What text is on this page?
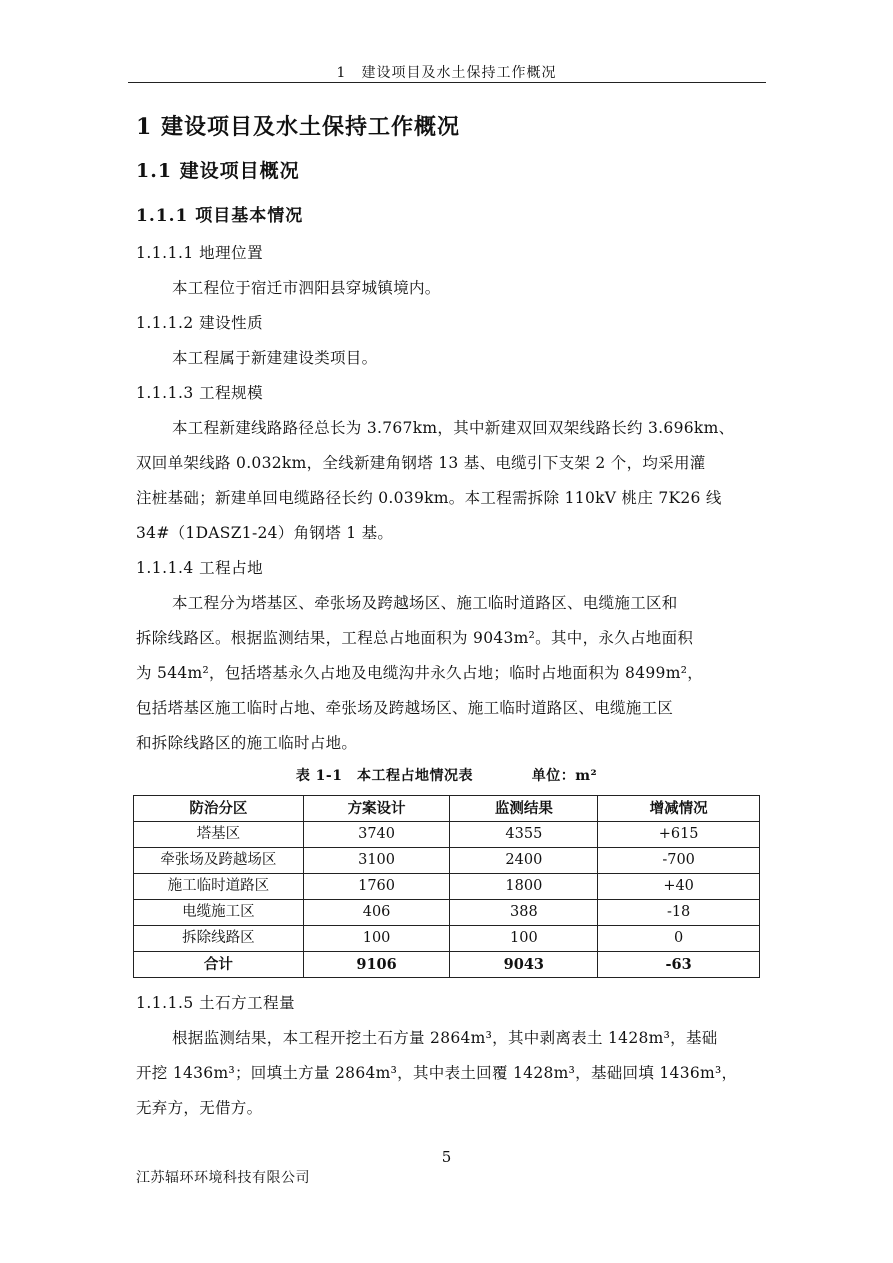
1　建设项目及水土保持工作概况
1 建设项目及水土保持工作概况
1.1 建设项目概况
1.1.1 项目基本情况
1.1.1.1 地理位置
本工程位于宿迁市泗阳县穿城镇境内。
1.1.1.2 建设性质
本工程属于新建建设类项目。
1.1.1.3 工程规模
本工程新建线路路径总长为 3.767km，其中新建双回双架线路长约 3.696km、
双回单架线路 0.032km，全线新建角钢塔 13 基、电缆引下支架 2 个，均采用灌
注桩基础；新建单回电缆路径长约 0.039km。本工程需拆除 110kV 桃庄 7K26 线
34#（1DASZ1-24）角钢塔 1 基。
1.1.1.4 工程占地
本工程分为塔基区、牵张场及跨越场区、施工临时道路区、电缆施工区和
拆除线路区。根据监测结果，工程总占地面积为 9043m²。其中，永久占地面积
为 544m²，包括塔基永久占地及电缆沟井永久占地；临时占地面积为 8499m²，
包括塔基区施工临时占地、牵张场及跨越场区、施工临时道路区、电缆施工区
和拆除线路区的施工临时占地。
表 1-1　本工程占地情况表	单位：m²
防治分区	方案设计	监测结果	增减情况
塔基区	3740	4355	+615
牵张场及跨越场区	3100	2400	-700
施工临时道路区	1760	1800	+40
电缆施工区	406	388	-18
拆除线路区	100	100	0
合计	9106	9043	-63
1.1.1.5 土石方工程量
根据监测结果，本工程开挖土石方量 2864m³，其中剥离表土 1428m³，基础
开挖 1436m³；回填土方量 2864m³，其中表土回覆 1428m³，基础回填 1436m³，
无弃方，无借方。
5
江苏辐环环境科技有限公司
